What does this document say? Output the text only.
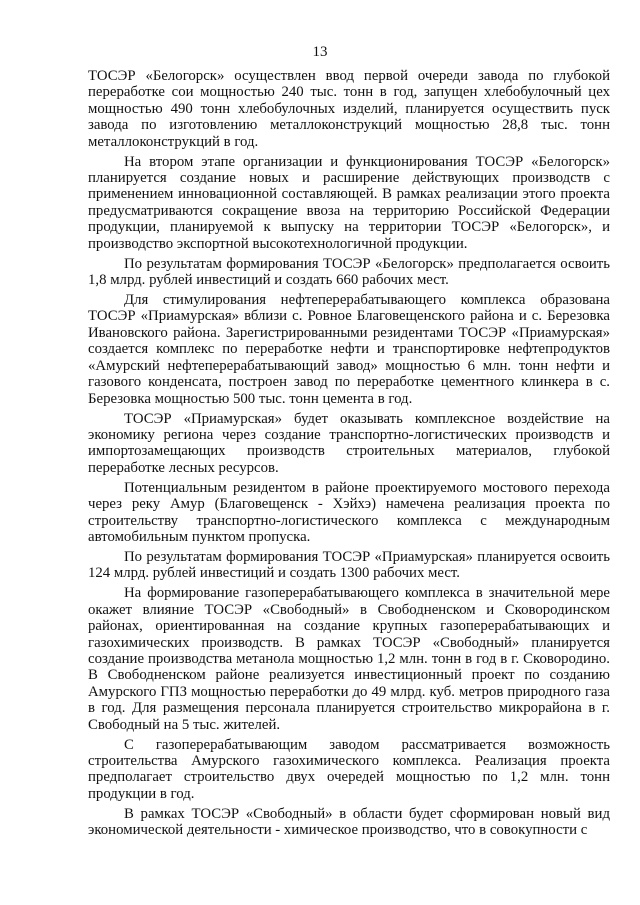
13

ТОСЭР «Белогорск» осуществлен ввод первой очереди завода по глубокой переработке сои мощностью 240 тыс. тонн в год, запущен хлебобулочный цех мощностью 490 тонн хлебобулочных изделий, планируется осуществить пуск завода по изготовлению металлоконструкций мощностью 28,8 тыс. тонн металлоконструкций в год.

На втором этапе организации и функционирования ТОСЭР «Белогорск» планируется создание новых и расширение действующих производств с применением инновационной составляющей. В рамках реализации этого проекта предусматриваются сокращение ввоза на территорию Российской Федерации продукции, планируемой к выпуску на территории ТОСЭР «Белогорск», и производство экспортной высокотехнологичной продукции.

По результатам формирования ТОСЭР «Белогорск» предполагается освоить 1,8 млрд. рублей инвестиций и создать 660 рабочих мест.

Для стимулирования нефтеперерабатывающего комплекса образована ТОСЭР «Приамурская» вблизи с. Ровное Благовещенского района и с. Березовка Ивановского района. Зарегистрированными резидентами ТОСЭР «Приамурская» создается комплекс по переработке нефти и транспортировке нефтепродуктов «Амурский нефтеперерабатывающий завод» мощностью 6 млн. тонн нефти и газового конденсата, построен завод по переработке цементного клинкера в с. Березовка мощностью 500 тыс. тонн цемента в год.

ТОСЭР «Приамурская» будет оказывать комплексное воздействие на экономику региона через создание транспортно-логистических производств и импортозамещающих производств строительных материалов, глубокой переработке лесных ресурсов.

Потенциальным резидентом в районе проектируемого мостового перехода через реку Амур (Благовещенск - Хэйхэ) намечена реализация проекта по строительству транспортно-логистического комплекса с международным автомобильным пунктом пропуска.

По результатам формирования ТОСЭР «Приамурская» планируется освоить 124 млрд. рублей инвестиций и создать 1300 рабочих мест.

На формирование газоперерабатывающего комплекса в значительной мере окажет влияние ТОСЭР «Свободный» в Свободненском и Сковородинском районах, ориентированная на создание крупных газоперерабатывающих и газохимических производств. В рамках ТОСЭР «Свободный» планируется создание производства метанола мощностью 1,2 млн. тонн в год в г. Сковородино. В Свободненском районе реализуется инвестиционный проект по созданию Амурского ГПЗ мощностью переработки до 49 млрд. куб. метров природного газа в год. Для размещения персонала планируется строительство микрорайона в г. Свободный на 5 тыс. жителей.

С газоперерабатывающим заводом рассматривается возможность строительства Амурского газохимического комплекса. Реализация проекта предполагает строительство двух очередей мощностью по 1,2 млн. тонн продукции в год.

В рамках ТОСЭР «Свободный» в области будет сформирован новый вид экономической деятельности - химическое производство, что в совокупности с
